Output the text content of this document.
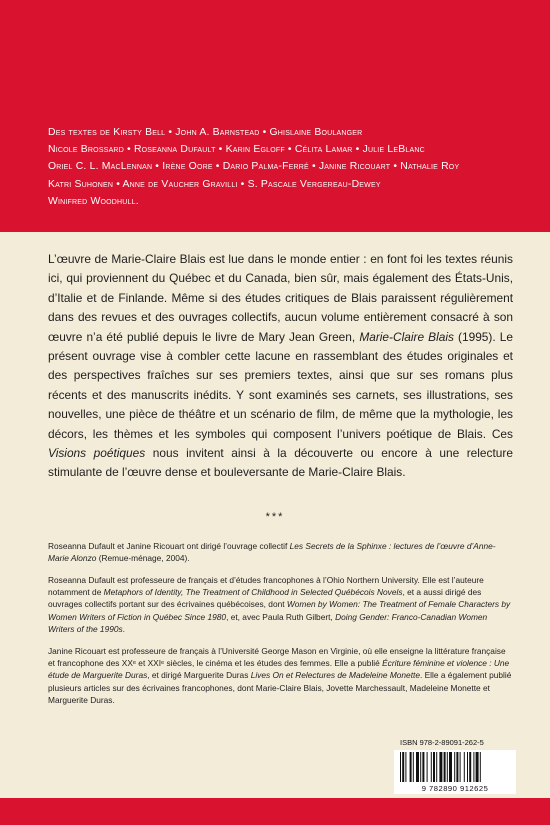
Des textes de Kirsty Bell • John A. Barnstead • Ghislaine Boulanger
Nicole Brossard • Roseanna Dufault • Karin Egloff • Célita Lamar • Julie LeBlanc
Oriel C. L. MacLennan • Irène Oore • Dario Palma-Ferré • Janine Ricouart • Nathalie Roy
Katri Suhonen • Anne de Vaucher Gravilli • S. Pascale Vergereau-Dewey
Winifred Woodhull.
L’œuvre de Marie-Claire Blais est lue dans le monde entier : en font foi les textes réunis ici, qui proviennent du Québec et du Canada, bien sûr, mais également des États-Unis, d’Italie et de Finlande. Même si des études critiques de Blais paraissent régulièrement dans des revues et des ouvrages collectifs, aucun volume entièrement consacré à son œuvre n’a été publié depuis le livre de Mary Jean Green, Marie-Claire Blais (1995). Le présent ouvrage vise à combler cette lacune en rassemblant des études originales et des perspectives fraîches sur ses premiers textes, ainsi que sur ses romans plus récents et des manuscrits inédits. Y sont examinés ses carnets, ses illustrations, ses nouvelles, une pièce de théâtre et un scénario de film, de même que la mythologie, les décors, les thèmes et les symboles qui composent l’univers poétique de Blais. Ces Visions poétiques nous invitent ainsi à la découverte ou encore à une relecture stimulante de l’œuvre dense et bouleversante de Marie-Claire Blais.
***
Roseanna Dufault et Janine Ricouart ont dirigé l’ouvrage collectif Les Secrets de la Sphinxe : lectures de l’œuvre d’Anne-Marie Alonzo (Remue-ménage, 2004).
Roseanna Dufault est professeure de français et d’études francophones à l’Ohio Northern University. Elle est l’auteure notamment de Metaphors of Identity, The Treatment of Childhood in Selected Québécois Novels, et a aussi dirigé des ouvrages collectifs portant sur des écrivaines québécoises, dont Women by Women: The Treatment of Female Characters by Women Writers of Fiction in Québec Since 1980, et, avec Paula Ruth Gilbert, Doing Gender: Franco-Canadian Women Writers of the 1990s.
Janine Ricouart est professeure de français à l’Université George Mason en Virginie, où elle enseigne la littérature française et francophone des XXᵉ et XXIᵉ siècles, le cinéma et les études des femmes. Elle a publié Écriture féminine et violence : Une étude de Marguerite Duras, et dirigé Marguerite Duras Lives On et Relectures de Madeleine Monette. Elle a également publié plusieurs articles sur des écrivaines francophones, dont Marie-Claire Blais, Jovette Marchessault, Madeleine Monette et Marguerite Duras.
ISBN 978-2-89091-262-5
9 782890 912625
